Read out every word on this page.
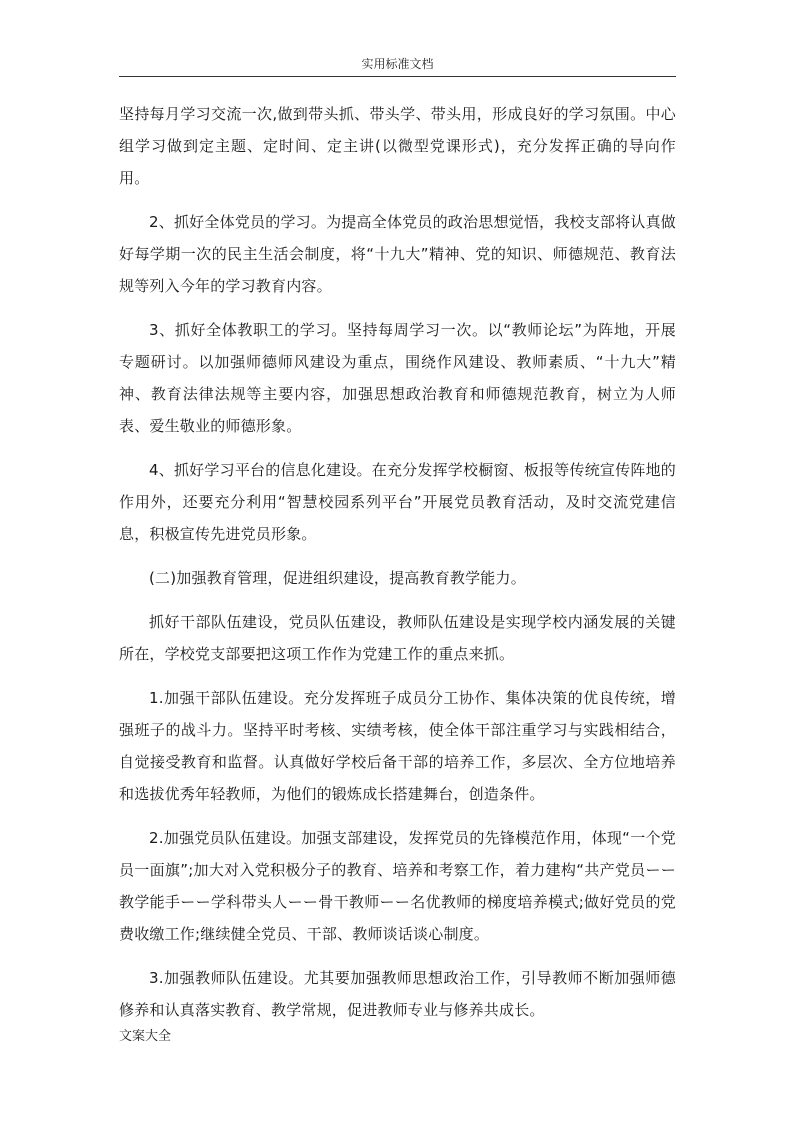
实用标准文档

坚持每月学习交流一次,做到带头抓、带头学、带头用，形成良好的学习氛围。中心组学习做到定主题、定时间、定主讲(以微型党课形式)，充分发挥正确的导向作用。

2、抓好全体党员的学习。为提高全体党员的政治思想觉悟，我校支部将认真做好每学期一次的民主生活会制度，将“十九大”精神、党的知识、师德规范、教育法规等列入今年的学习教育内容。

3、抓好全体教职工的学习。坚持每周学习一次。以“教师论坛”为阵地，开展专题研讨。以加强师德师风建设为重点，围绕作风建设、教师素质、“十九大”精神、教育法律法规等主要内容，加强思想政治教育和师德规范教育，树立为人师表、爱生敬业的师德形象。

4、抓好学习平台的信息化建设。在充分发挥学校橱窗、板报等传统宣传阵地的作用外，还要充分利用“智慧校园系列平台”开展党员教育活动，及时交流党建信息，积极宣传先进党员形象。

(二)加强教育管理，促进组织建设，提高教育教学能力。

抓好干部队伍建设，党员队伍建设，教师队伍建设是实现学校内涵发展的关键所在，学校党支部要把这项工作作为党建工作的重点来抓。

1.加强干部队伍建设。充分发挥班子成员分工协作、集体决策的优良传统，增强班子的战斗力。坚持平时考核、实绩考核，使全体干部注重学习与实践相结合，自觉接受教育和监督。认真做好学校后备干部的培养工作，多层次、全方位地培养和选拔优秀年轻教师，为他们的锻炼成长搭建舞台，创造条件。

2.加强党员队伍建设。加强支部建设，发挥党员的先锋模范作用，体现“一个党员一面旗”;加大对入党积极分子的教育、培养和考察工作，着力建构“共产党员ーー教学能手ーー学科带头人ーー骨干教师ーー名优教师的梯度培养模式;做好党员的党费收缴工作;继续健全党员、干部、教师谈话谈心制度。

3.加强教师队伍建设。尤其要加强教师思想政治工作，引导教师不断加强师德修养和认真落实教育、教学常规，促进教师专业与修养共成长。

文案大全
